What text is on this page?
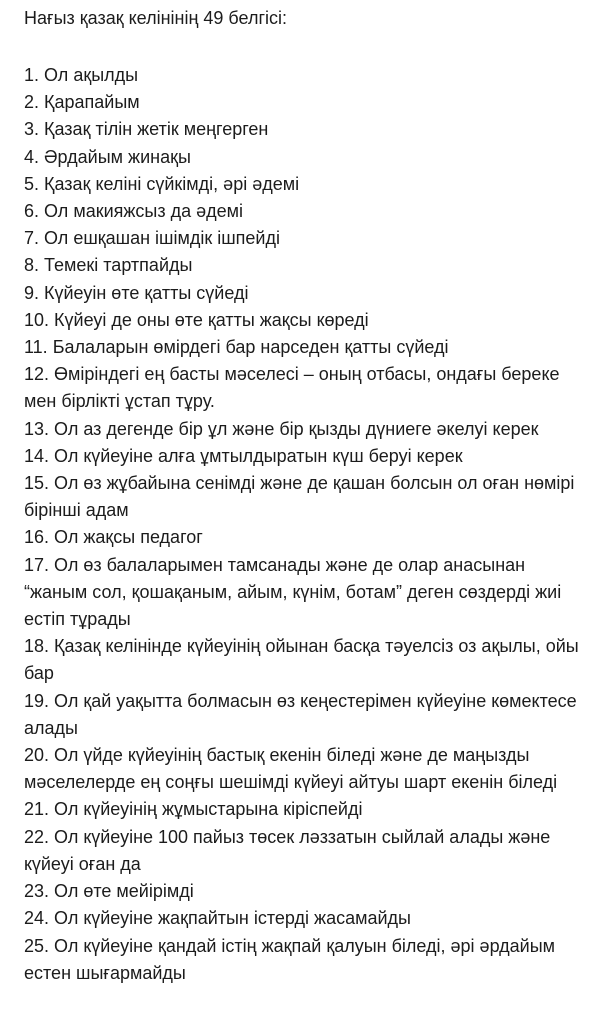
Нағыз қазақ келінінің 49 белгісі:
1. Ол ақылды
2. Қарапайым
3. Қазақ тілін жетік меңгерген
4. Әрдайым жинақы
5. Қазақ келіні сүйкімді, әрі әдемі
6. Ол макияжсыз да әдемі
7. Ол ешқашан ішімдік ішпейді
8. Темекі тартпайды
9. Күйеуін өте қатты сүйеді
10. Күйеуі де оны өте қатты жақсы көреді
11. Балаларын өмірдегі бар нарседен қатты сүйеді
12. Өміріндегі ең басты мәселесі – оның отбасы, ондағы береке мен бірлікті ұстап тұру.
13. Ол аз дегенде бір ұл және бір қызды дүниеге әкелуі керек
14. Ол күйеуіне алға ұмтылдыратын күш беруі керек
15. Ол өз жұбайына сенімді және де қашан болсын ол оған нөмірі бірінші адам
16. Ол жақсы педагог
17. Ол өз балаларымен тамсанады және де олар анасынан “жаным сол, қошақаным, айым, күнім, ботам” деген сөздерді жиі естіп тұрады
18. Қазақ келінінде күйеуінің ойынан басқа тәуелсіз оз ақылы, ойы бар
19. Ол қай уақытта болмасын өз кеңестерімен күйеуіне көмектесе алады
20. Ол үйде күйеуінің бастық екенін біледі және де маңызды мәселелерде ең соңғы шешімді күйеуі айтуы шарт екенін біледі
21. Ол күйеуінің жұмыстарына кіріспейді
22. Ол күйеуіне 100 пайыз төсек ләззатын сыйлай алады және күйеуі оған да
23. Ол өте мейірімді
24. Ол күйеуіне жақпайтын істерді жасамайды
25. Ол күйеуіне қандай істің жақпай қалуын біледі, әрі әрдайым естен шығармайды
